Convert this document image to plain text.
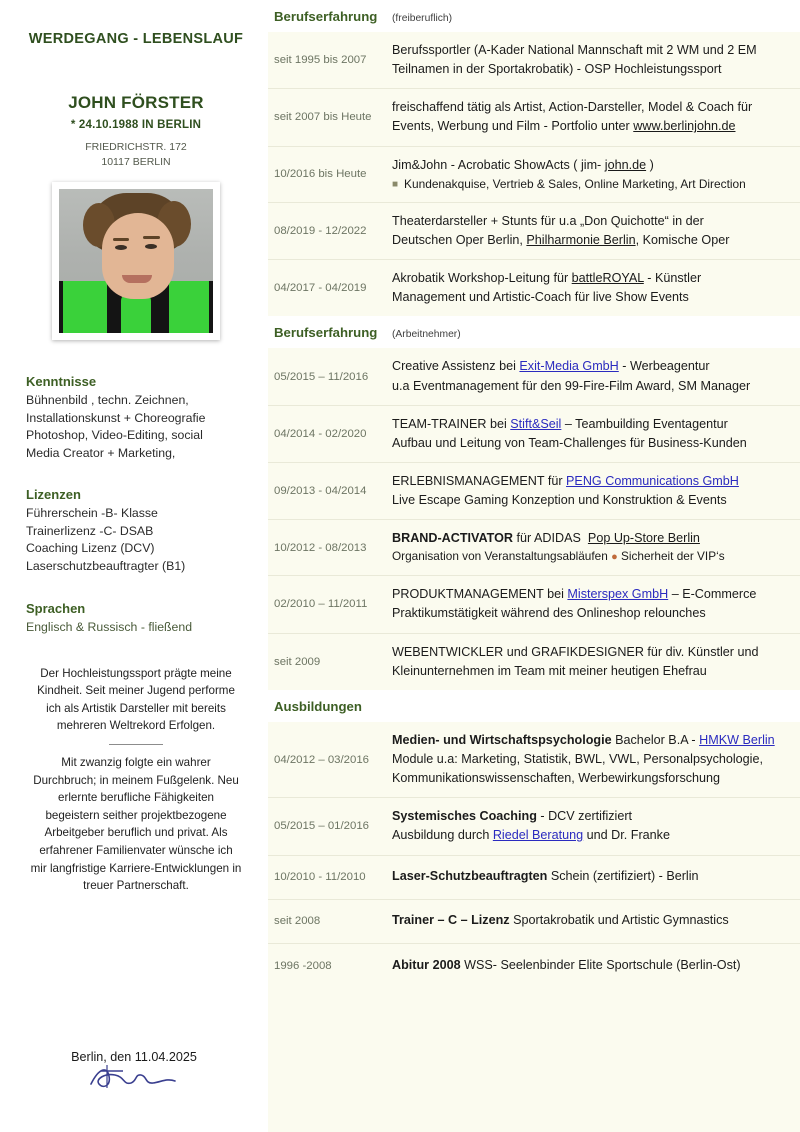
WERDEGANG - LEBENSLAUF
JOHN FÖRSTER
* 24.10.1988 IN BERLIN
FRIEDRICHSTR. 172
10117 BERLIN
Kenntnisse
Bühnenbild , techn. Zeichnen,
Installationskunst + Choreografie
Photoshop, Video-Editing, social
Media Creator + Marketing,
Lizenzen
Führerschein -B- Klasse
Trainerlizenz -C- DSAB
Coaching Lizenz (DCV)
Laserschutzbeauftragter (B1)
Sprachen
Englisch & Russisch - fließend
Der Hochleistungssport prägte meine Kindheit. Seit meiner Jugend performe ich als Artistik Darsteller mit bereits mehreren Weltrekord Erfolgen.
Mit zwanzig folgte ein wahrer Durchbruch; in meinem Fußgelenk. Neu erlernte berufliche Fähigkeiten begeistern seither projektbezogene Arbeitgeber beruflich und privat. Als erfahrener Familienvater wünsche ich mir langfristige Karriere-Entwicklungen in treuer Partnerschaft.
Berlin, den 11.04.2025
Berufserfahrung	(freiberuflich)
seit 1995 bis 2007
Berufssportler (A-Kader National Mannschaft mit 2 WM und 2 EM
Teilnamen in der Sportakrobatik) - OSP Hochleistungssport
seit 2007 bis Heute
freischaffend tätig als Artist, Action-Darsteller, Model & Coach für
Events, Werbung und Film - Portfolio unter www.berlinjohn.de
10/2016 bis Heute
Jim&John - Acrobatic ShowActs ( jim- john.de )
■ Kundenakquise, Vertrieb & Sales, Online Marketing, Art Direction
08/2019 - 12/2022
Theaterdarsteller + Stunts für u.a „Don Quichotte“ in der
Deutschen Oper Berlin, Philharmonie Berlin, Komische Oper
04/2017 - 04/2019
Akrobatik Workshop-Leitung für battleROYAL - Künstler
Management und Artistic-Coach für live Show Events
Berufserfahrung	(Arbeitnehmer)
05/2015 – 11/2016
Creative Assistenz bei Exit-Media GmbH - Werbeagentur
u.a Eventmanagement für den 99-Fire-Film Award, SM Manager
04/2014 - 02/2020
TEAM-TRAINER bei Stift&Seil – Teambuilding Eventagentur
Aufbau und Leitung von Team-Challenges für Business-Kunden
09/2013 - 04/2014
ERLEBNISMANAGEMENT für PENG Communications GmbH
Live Escape Gaming Konzeption und Konstruktion & Events
10/2012 - 08/2013
BRAND-ACTIVATOR für ADIDAS  Pop Up-Store Berlin
Organisation von Veranstaltungsabläufen ● Sicherheit der VIP‘s
02/2010 – 11/2011
PRODUKTMANAGEMENT bei Misterspex GmbH – E-Commerce
Praktikumstätigkeit während des Onlineshop relounches
seit 2009
WEBENTWICKLER und GRAFIKDESIGNER für div. Künstler und
Kleinunternehmen im Team mit meiner heutigen Ehefrau
Ausbildungen
04/2012 – 03/2016
Medien- und Wirtschaftspsychologie Bachelor B.A - HMKW Berlin
Module u.a: Marketing, Statistik, BWL, VWL, Personalpsychologie,
Kommunikationswissenschaften, Werbewirkungsforschung
05/2015 – 01/2016
Systemisches Coaching - DCV zertifiziert
Ausbildung durch Riedel Beratung und Dr. Franke
10/2010 - 11/2010	Laser-Schutzbeauftragten Schein (zertifiziert) - Berlin
seit 2008	Trainer – C – Lizenz Sportakrobatik und Artistic Gymnastics
1996 -2008	Abitur 2008 WSS- Seelenbinder Elite Sportschule (Berlin-Ost)
